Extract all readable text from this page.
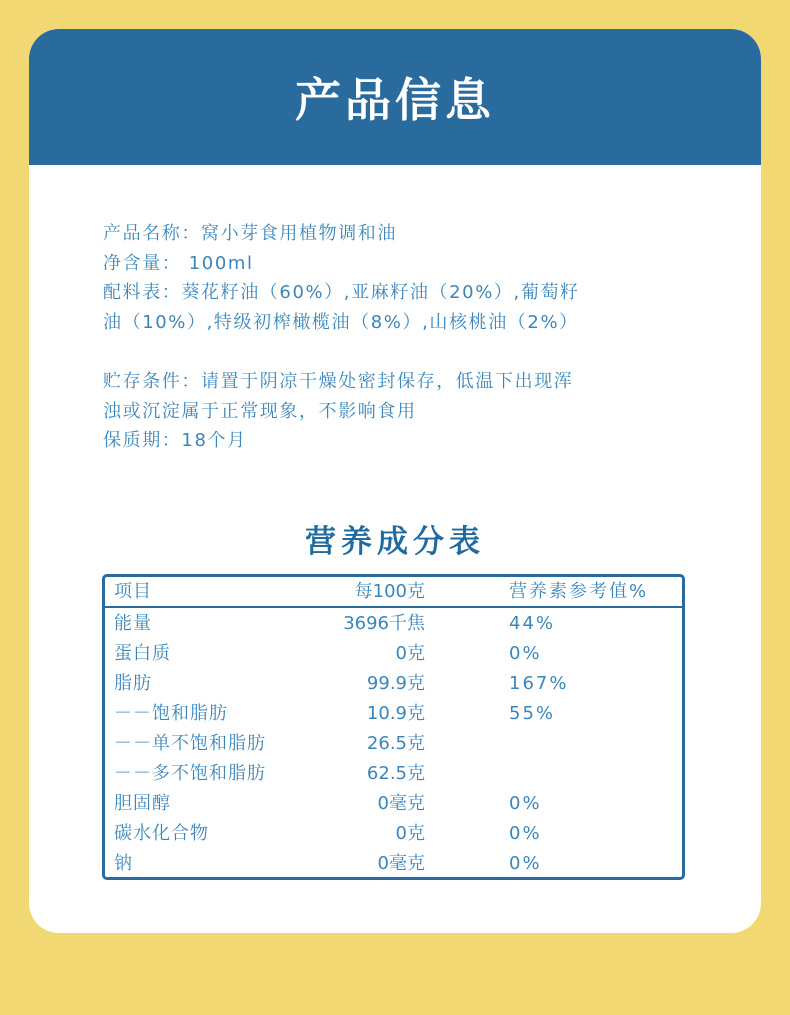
产品信息

产品名称：窝小芽食用植物调和油

净含量： 100ml

配料表：葵花籽油（60%）,亚麻籽油（20%）,葡萄籽

油（10%）,特级初榨橄榄油（8%）,山核桃油（2%）

贮存条件：请置于阴凉干燥处密封保存，低温下出现浑

浊或沉淀属于正常现象，不影响食用

保质期：18个月

营养成分表
项目	每100克	营养素参考值%
能量	3696千焦	44%
蛋白质	0克	0%
脂肪	99.9克	167%
－－饱和脂肪	10.9克	55%
－－单不饱和脂肪	26.5克
－－多不饱和脂肪	62.5克
胆固醇	0毫克	0%
碳水化合物	0克	0%
钠	0毫克	0%
